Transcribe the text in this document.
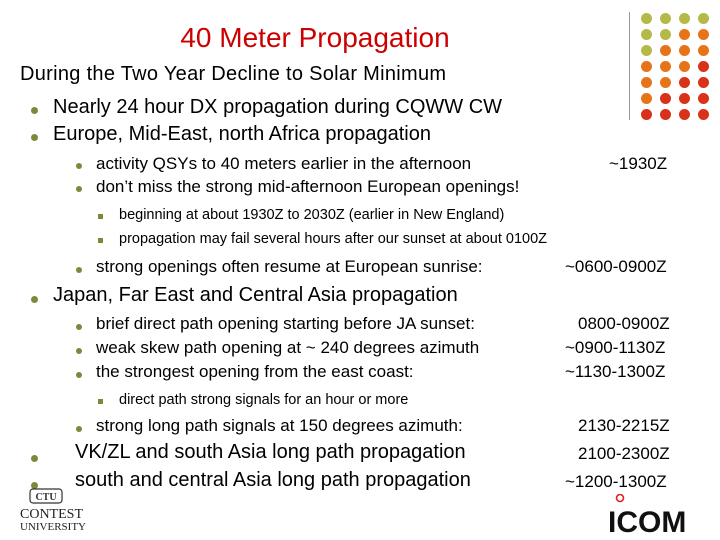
40 Meter Propagation
During the Two Year Decline to Solar Minimum
Nearly 24 hour DX propagation during CQWW CW
Europe, Mid-East, north Africa propagation
activity QSYs to 40 meters earlier in the afternoon	~1930Z
don’t miss the strong mid-afternoon European openings!
beginning at about 1930Z to 2030Z (earlier in New England)
propagation may fail several hours after our sunset at about 0100Z
strong openings often resume at European sunrise:	~0600-0900Z
Japan, Far East and Central Asia propagation
brief direct path opening starting before JA sunset:	0800-0900Z
weak skew path opening at ~ 240 degrees azimuth	~0900-1130Z
the strongest opening from the east coast:	~1130-1300Z
direct path strong signals for an hour or more
strong long path signals at 150 degrees azimuth:	2130-2215Z
VK/ZL and south Asia long path propagation	2100-2300Z
south and central Asia long path propagation	~1200-1300Z
CTU
CONTEST
UNIVERSITY	ICOM
